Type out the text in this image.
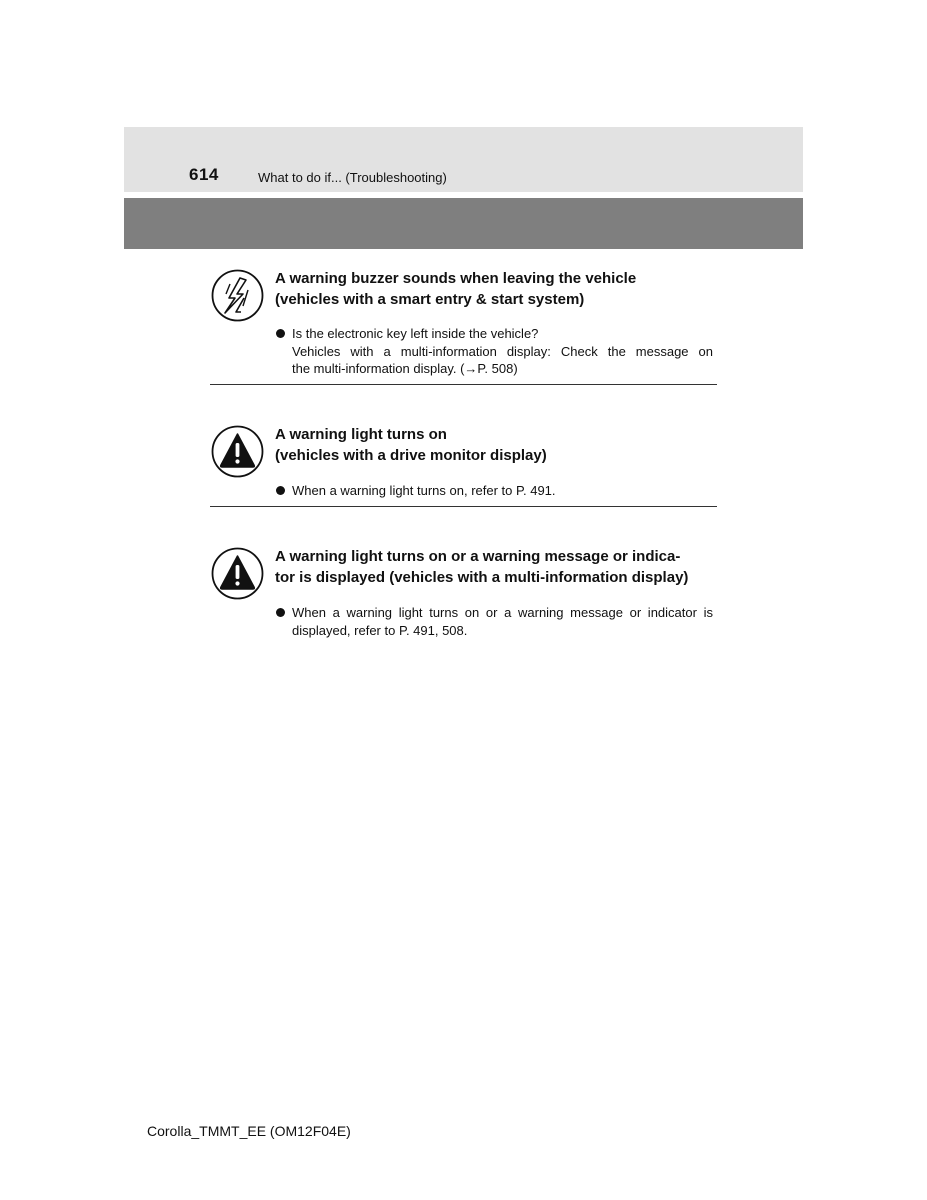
614	What to do if... (Troubleshooting)
A warning buzzer sounds when leaving the vehicle
(vehicles with a smart entry & start system)
Is the electronic key left inside the vehicle?
Vehicles with a multi-information display: Check the message on
the multi-information display. (→P. 508)
A warning light turns on
(vehicles with a drive monitor display)
When a warning light turns on, refer to P. 491.
A warning light turns on or a warning message or indica-
tor is displayed (vehicles with a multi-information display)
When a warning light turns on or a warning message or indicator is
displayed, refer to P. 491, 508.
Corolla_TMMT_EE (OM12F04E)
